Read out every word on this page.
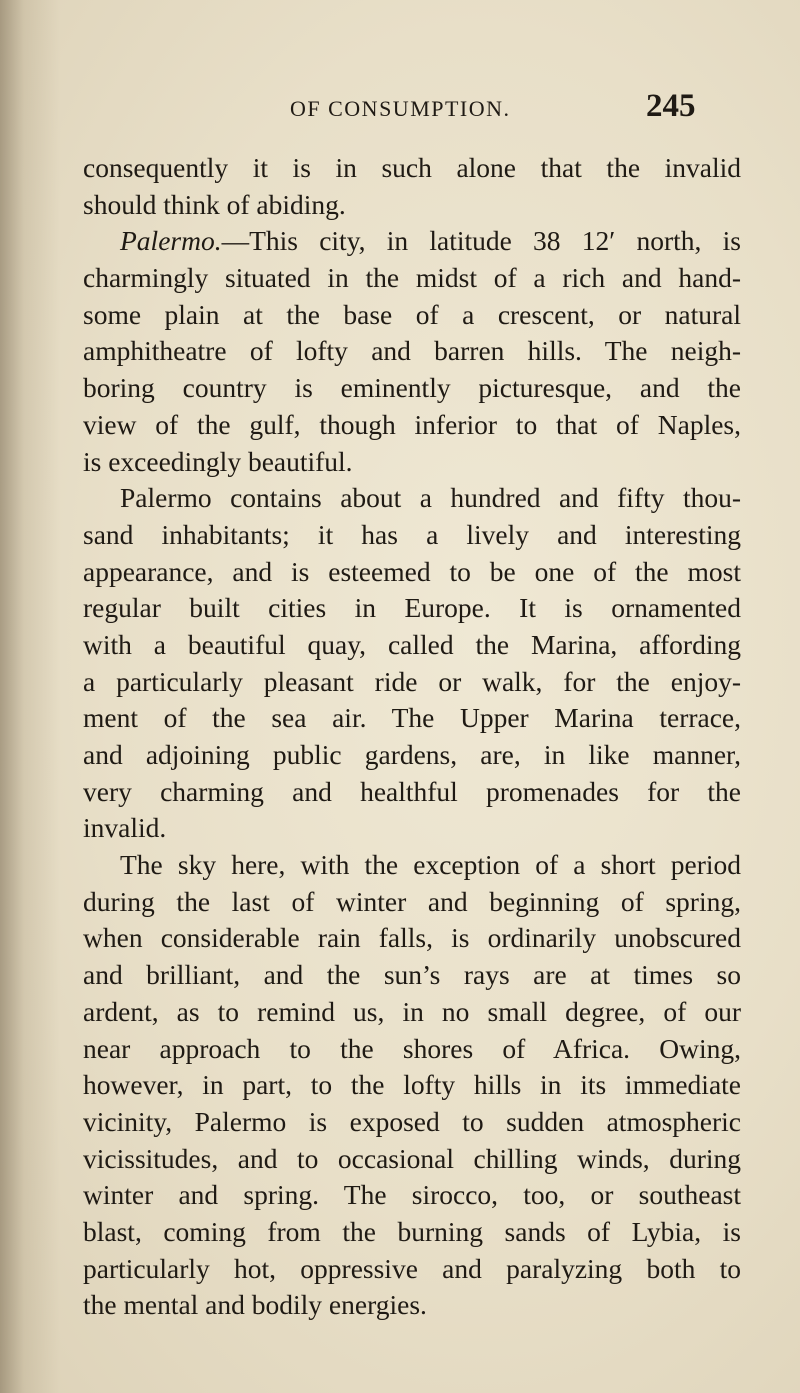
OF CONSUMPTION.	245
consequently it is in such alone that the invalid
should think of abiding.
Palermo.—This city, in latitude 38 12′ north, is
charmingly situated in the midst of a rich and hand-
some plain at the base of a crescent, or natural
amphitheatre of lofty and barren hills. The neigh-
boring country is eminently picturesque, and the
view of the gulf, though inferior to that of Naples,
is exceedingly beautiful.
Palermo contains about a hundred and fifty thou-
sand inhabitants; it has a lively and interesting
appearance, and is esteemed to be one of the most
regular built cities in Europe. It is ornamented
with a beautiful quay, called the Marina, affording
a particularly pleasant ride or walk, for the enjoy-
ment of the sea air. The Upper Marina terrace,
and adjoining public gardens, are, in like manner,
very charming and healthful promenades for the
invalid.
The sky here, with the exception of a short period
during the last of winter and beginning of spring,
when considerable rain falls, is ordinarily unobscured
and brilliant, and the sun’s rays are at times so
ardent, as to remind us, in no small degree, of our
near approach to the shores of Africa. Owing,
however, in part, to the lofty hills in its immediate
vicinity, Palermo is exposed to sudden atmospheric
vicissitudes, and to occasional chilling winds, during
winter and spring. The sirocco, too, or southeast
blast, coming from the burning sands of Lybia, is
particularly hot, oppressive and paralyzing both to
the mental and bodily energies.
